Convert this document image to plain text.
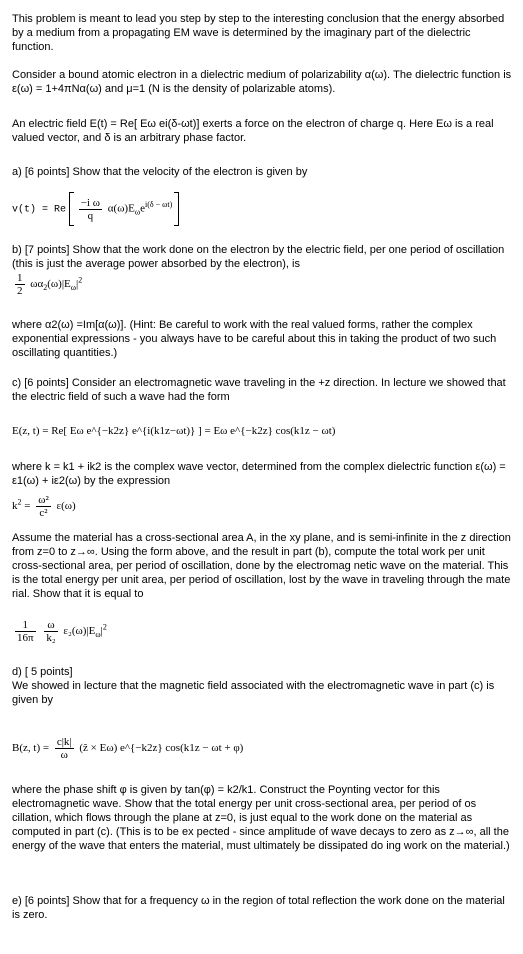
This problem is meant to lead you step by step to the interesting conclusion that the energy absorbed by a medium from a propagating EM wave is determined by the imaginary part of the dielectric function.

Consider a bound atomic electron in a dielectric medium of polarizability α(ω). The dielectric function is ε(ω) = 1+4πNα(ω) and μ=1 (N is the density of polarizable atoms).

An electric field E(t) = Re[ Eω ei(δ-ωt)] exerts a force on the electron of charge q. Here Eω is a real valued vector, and δ is an arbitrary phase factor.

a) [6 points] Show that the velocity of the electron is given by

v(t) = Re $\frac{\text{−i ω}}{q} \alpha(\omega)E_\omega e^{i(\delta - \omega t)}$

b) [7 points] Show that the work done on the electron by the electric field, per one period of oscillation (this is just the average power absorbed by the electron), is

$\frac{1}{2} \omega\alpha_2(\omega)|E_\omega|^2$

where α2(ω) =Im[α(ω)]. (Hint: Be careful to work with the real valued forms, rather the complex exponential expressions - you always have to be careful about this in taking the product of two such oscillating quantities.)

c) [6 points] Consider an electromagnetic wave traveling in the +z direction. In lecture we showed that the electric field of such a wave had the form

E(z, t) = Re[ Eω e^{−k2z} e^{i(k1z−ωt)} ] = Eω e^{−k2z} cos(k1z − ωt)

where k = k1 + ik2 is the complex wave vector, determined from the complex dielectric function ε(ω) = ε1(ω) + iε2(ω) by the expression

$k^2 = \frac{\text{ω²}}{\text{c²}} \varepsilon(\omega)$

Assume the material has a cross-sectional area A, in the xy plane, and is semi-infinite in the z direction from z=0 to z→∞. Using the form above, and the result in part (b), compute the total work per unit cross-sectional area, per period of oscillation, done by the electromag netic wave on the material. This is the total energy per unit area, per period of oscillation, lost by the wave in traveling through the mate rial. Show that it is equal to

$\frac{1}{16\pi}$
$\frac{\omega}{\text{k₂}} \varepsilon_2(\omega)|E_\omega|^2$

d) [ 5 points]

We showed in lecture that the magnetic field associated with the electromagnetic wave in part (c) is given by

B(z, $t) = \frac{c|k|}{\omega}$ (ẑ × Eω) e^{−k2z} cos(k1z − ωt + φ)

where the phase shift φ is given by tan(φ) = k2/k1. Construct the Poynting vector for this electromagnetic wave. Show that the total energy per unit cross-sectional area, per period of os cillation, which flows through the plane at z=0, is just equal to the work done on the material as computed in part (c). (This is to be ex pected - since amplitude of wave decays to zero as z→∞, all the energy of the wave that enters the material, must ultimately be dissipated do ing work on the material.)

e) [6 points] Show that for a frequency ω in the region of total reflection the work done on the material is zero.
